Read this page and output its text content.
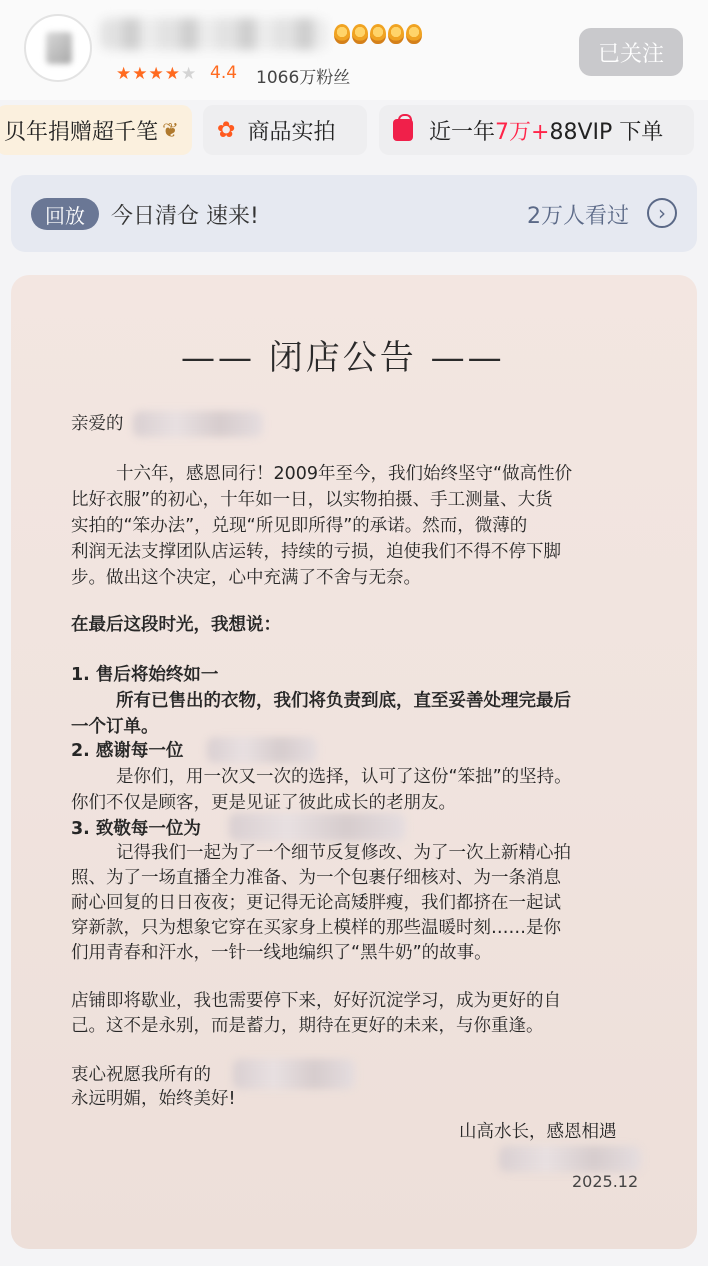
★ ★ ★ ★ ★ 4.4 1066万粉丝
已关注
贝年捐赠超千笔 ❦ ✿ 商品实拍	近一年 7万+ 88VIP 下单
回放	今日清仓 速来!	2万人看过	›
—— 闭店公告 ——
亲爱的
十六年，感恩同行！2009年至今，我们始终坚守“做高性价
比好衣服”的初心，十年如一日，以实物拍摄、手工测量、大货
实拍的“笨办法”，兑现“所见即所得”的承诺。然而，微薄的
利润无法支撑团队店运转，持续的亏损，迫使我们不得不停下脚
步。做出这个决定，心中充满了不舍与无奈。
在最后这段时光，我想说：
1. 售后将始终如一
所有已售出的衣物，我们将负责到底，直至妥善处理完最后
一个订单。
2. 感谢每一位
是你们，用一次又一次的选择，认可了这份“笨拙”的坚持。
你们不仅是顾客，更是见证了彼此成长的老朋友。
3. 致敬每一位为
记得我们一起为了一个细节反复修改、为了一次上新精心拍
照、为了一场直播全力准备、为一个包裹仔细核对、为一条消息
耐心回复的日日夜夜；更记得无论高矮胖瘦，我们都挤在一起试
穿新款，只为想象它穿在买家身上模样的那些温暖时刻……是你
们用青春和汗水，一针一线地编织了“黑牛奶”的故事。
店铺即将歇业，我也需要停下来，好好沉淀学习，成为更好的自
己。这不是永别，而是蓄力，期待在更好的未来，与你重逢。
衷心祝愿我所有的
永远明媚，始终美好!
山高水长，感恩相遇
2025.12
